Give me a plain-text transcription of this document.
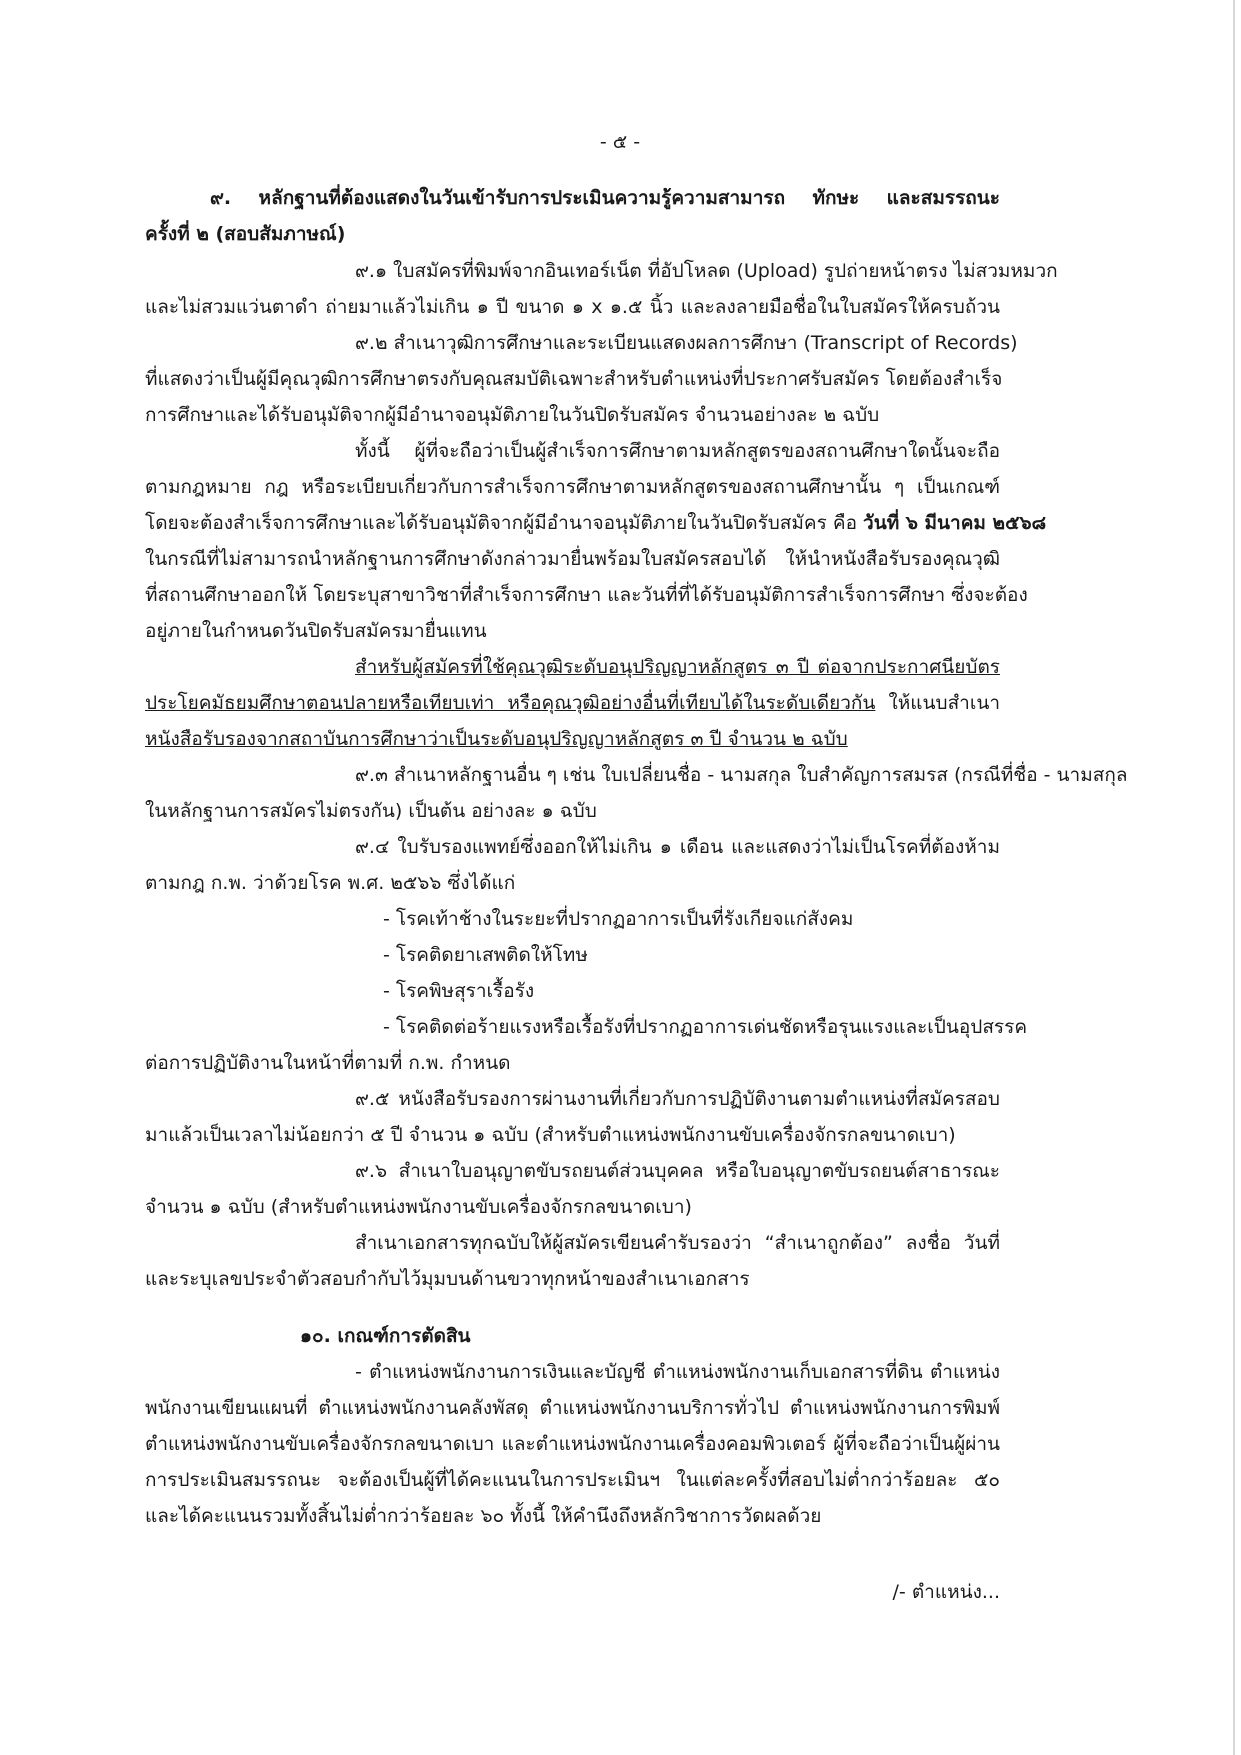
- ๕ -
๙. หลักฐานที่ต้องแสดงในวันเข้ารับการประเมินความรู้ความสามารถ ทักษะ และสมรรถนะ
ครั้งที่ ๒ (สอบสัมภาษณ์)
๙.๑ ใบสมัครที่พิมพ์จากอินเทอร์เน็ต ที่อัปโหลด (Upload) รูปถ่ายหน้าตรง ไม่สวมหมวก
และไม่สวมแว่นตาดำ ถ่ายมาแล้วไม่เกิน ๑ ปี ขนาด ๑ x ๑.๕ นิ้ว และลงลายมือชื่อในใบสมัครให้ครบถ้วน
๙.๒ สำเนาวุฒิการศึกษาและระเบียนแสดงผลการศึกษา (Transcript of Records)
ที่แสดงว่าเป็นผู้มีคุณวุฒิการศึกษาตรงกับคุณสมบัติเฉพาะสำหรับตำแหน่งที่ประกาศรับสมัคร โดยต้องสำเร็จ
การศึกษาและได้รับอนุมัติจากผู้มีอำนาจอนุมัติภายในวันปิดรับสมัคร จำนวนอย่างละ ๒ ฉบับ
ทั้งนี้ ผู้ที่จะถือว่าเป็นผู้สำเร็จการศึกษาตามหลักสูตรของสถานศึกษาใดนั้นจะถือ
ตามกฎหมาย กฎ หรือระเบียบเกี่ยวกับการสำเร็จการศึกษาตามหลักสูตรของสถานศึกษานั้น ๆ เป็นเกณฑ์
โดยจะต้องสำเร็จการศึกษาและได้รับอนุมัติจากผู้มีอำนาจอนุมัติภายในวันปิดรับสมัคร คือ วันที่ ๖ มีนาคม ๒๕๖๘
ในกรณีที่ไม่สามารถนำหลักฐานการศึกษาดังกล่าวมายื่นพร้อมใบสมัครสอบได้ ให้นำหนังสือรับรองคุณวุฒิ
ที่สถานศึกษาออกให้ โดยระบุสาขาวิชาที่สำเร็จการศึกษา และวันที่ที่ได้รับอนุมัติการสำเร็จการศึกษา ซึ่งจะต้อง
อยู่ภายในกำหนดวันปิดรับสมัครมายื่นแทน
สำหรับผู้สมัครที่ใช้คุณวุฒิระดับอนุปริญญาหลักสูตร ๓ ปี ต่อจากประกาศนียบัตร
ประโยคมัธยมศึกษาตอนปลายหรือเทียบเท่า หรือคุณวุฒิอย่างอื่นที่เทียบได้ในระดับเดียวกัน ให้แนบสำเนา
หนังสือรับรองจากสถาบันการศึกษาว่าเป็นระดับอนุปริญญาหลักสูตร ๓ ปี จำนวน ๒ ฉบับ
๙.๓ สำเนาหลักฐานอื่น ๆ เช่น ใบเปลี่ยนชื่อ - นามสกุล ใบสำคัญการสมรส (กรณีที่ชื่อ - นามสกุล
ในหลักฐานการสมัครไม่ตรงกัน) เป็นต้น อย่างละ ๑ ฉบับ
๙.๔ ใบรับรองแพทย์ซึ่งออกให้ไม่เกิน ๑ เดือน และแสดงว่าไม่เป็นโรคที่ต้องห้าม
ตามกฎ ก.พ. ว่าด้วยโรค พ.ศ. ๒๕๖๖ ซึ่งได้แก่
- โรคเท้าช้างในระยะที่ปรากฏอาการเป็นที่รังเกียจแก่สังคม
- โรคติดยาเสพติดให้โทษ
- โรคพิษสุราเรื้อรัง
- โรคติดต่อร้ายแรงหรือเรื้อรังที่ปรากฏอาการเด่นชัดหรือรุนแรงและเป็นอุปสรรค
ต่อการปฏิบัติงานในหน้าที่ตามที่ ก.พ. กำหนด
๙.๕ หนังสือรับรองการผ่านงานที่เกี่ยวกับการปฏิบัติงานตามตำแหน่งที่สมัครสอบ
มาแล้วเป็นเวลาไม่น้อยกว่า ๕ ปี จำนวน ๑ ฉบับ (สำหรับตำแหน่งพนักงานขับเครื่องจักรกลขนาดเบา)
๙.๖ สำเนาใบอนุญาตขับรถยนต์ส่วนบุคคล หรือใบอนุญาตขับรถยนต์สาธารณะ
จำนวน ๑ ฉบับ (สำหรับตำแหน่งพนักงานขับเครื่องจักรกลขนาดเบา)
สำเนาเอกสารทุกฉบับให้ผู้สมัครเขียนคำรับรองว่า “สำเนาถูกต้อง” ลงชื่อ วันที่
และระบุเลขประจำตัวสอบกำกับไว้มุมบนด้านขวาทุกหน้าของสำเนาเอกสาร
๑๐. เกณฑ์การตัดสิน
- ตำแหน่งพนักงานการเงินและบัญชี ตำแหน่งพนักงานเก็บเอกสารที่ดิน ตำแหน่ง
พนักงานเขียนแผนที่ ตำแหน่งพนักงานคลังพัสดุ ตำแหน่งพนักงานบริการทั่วไป ตำแหน่งพนักงานการพิมพ์
ตำแหน่งพนักงานขับเครื่องจักรกลขนาดเบา และตำแหน่งพนักงานเครื่องคอมพิวเตอร์ ผู้ที่จะถือว่าเป็นผู้ผ่าน
การประเมินสมรรถนะ จะต้องเป็นผู้ที่ได้คะแนนในการประเมินฯ ในแต่ละครั้งที่สอบไม่ต่ำกว่าร้อยละ ๕๐
และได้คะแนนรวมทั้งสิ้นไม่ต่ำกว่าร้อยละ ๖๐ ทั้งนี้ ให้คำนึงถึงหลักวิชาการวัดผลด้วย
/- ตำแหน่ง...
